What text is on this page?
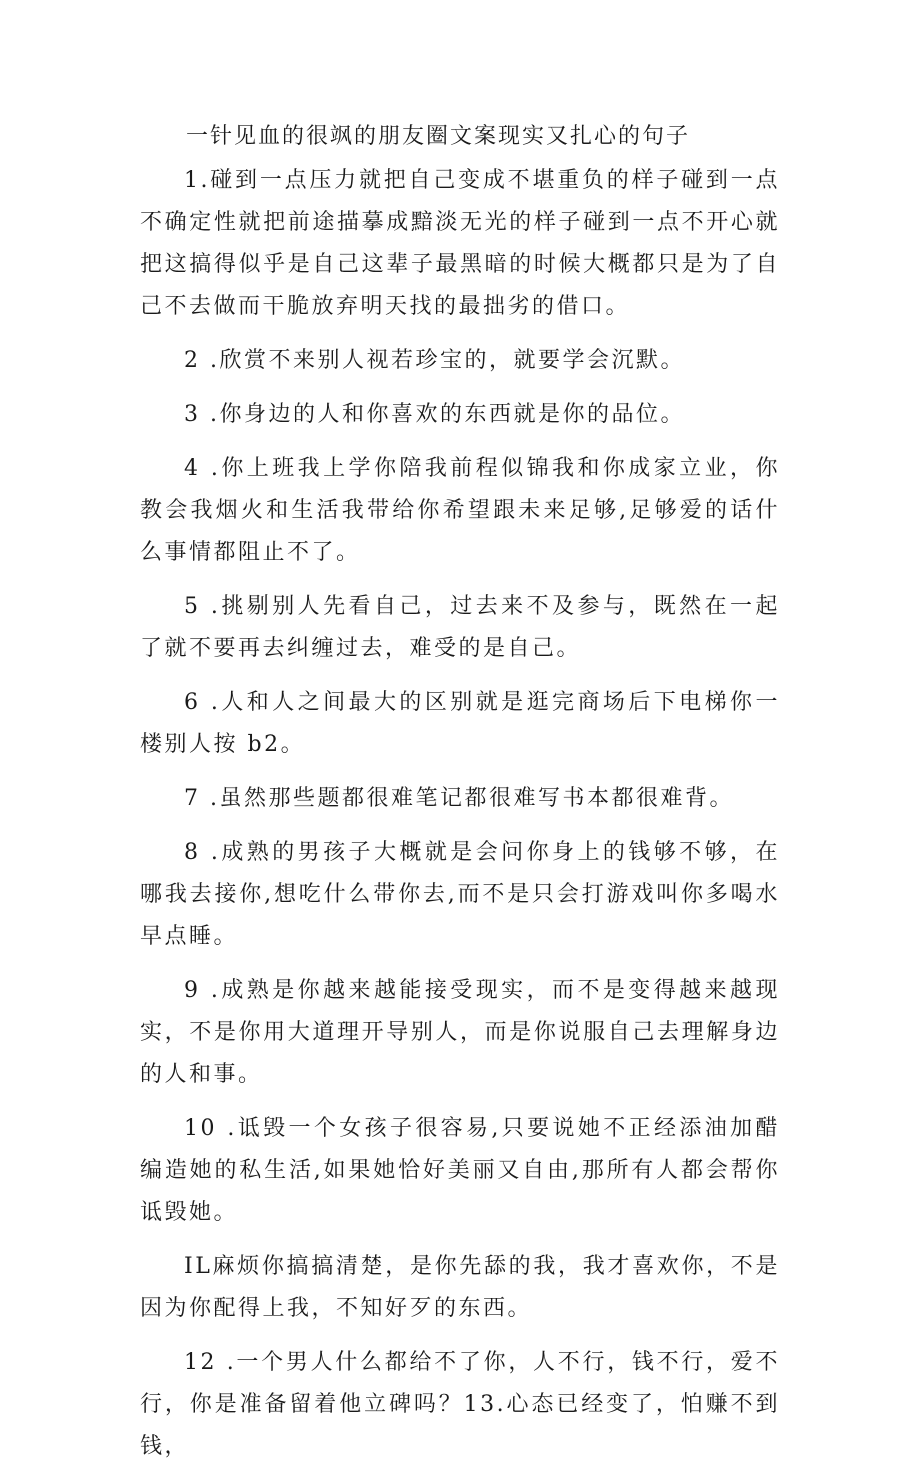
一针见血的很飒的朋友圈文案现实又扎心的句子

1.碰到一点压力就把自己变成不堪重负的样子碰到一点不确定性就把前途描摹成黯淡无光的样子碰到一点不开心就把这搞得似乎是自己这辈子最黑暗的时候大概都只是为了自己不去做而干脆放弃明天找的最拙劣的借口。

2 .欣赏不来别人视若珍宝的，就要学会沉默。

3 .你身边的人和你喜欢的东西就是你的品位。

4 .你上班我上学你陪我前程似锦我和你成家立业，你教会我烟火和生活我带给你希望跟未来足够,足够爱的话什么事情都阻止不了。

5 .挑剔别人先看自己，过去来不及参与，既然在一起了就不要再去纠缠过去，难受的是自己。

6 .人和人之间最大的区别就是逛完商场后下电梯你一楼别人按 b2。

7 .虽然那些题都很难笔记都很难写书本都很难背。

8 .成熟的男孩子大概就是会问你身上的钱够不够，在哪我去接你,想吃什么带你去,而不是只会打游戏叫你多喝水早点睡。

9 .成熟是你越来越能接受现实，而不是变得越来越现实，不是你用大道理开导别人，而是你说服自己去理解身边的人和事。

10 .诋毁一个女孩子很容易,只要说她不正经添油加醋编造她的私生活,如果她恰好美丽又自由,那所有人都会帮你诋毁她。

IL麻烦你搞搞清楚，是你先舔的我，我才喜欢你，不是因为你配得上我，不知好歹的东西。

12 .一个男人什么都给不了你，人不行，钱不行，爱不行，你是准备留着他立碑吗？13.心态已经变了，怕赚不到钱，
